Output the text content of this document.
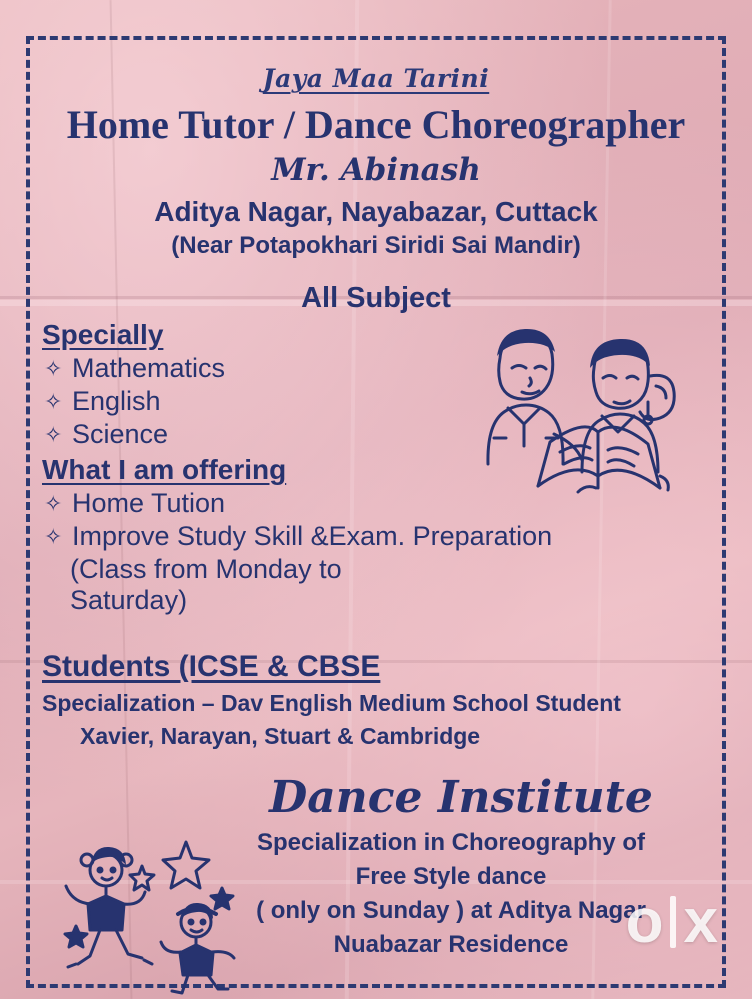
Jaya Maa Tarini
Home Tutor / Dance Choreographer
Mr. Abinash
Aditya Nagar, Nayabazar, Cuttack
(Near Potapokhari Siridi Sai Mandir)
All Subject
Specially
✧ Mathematics
✧ English
✧ Science
What I am offering
✧ Home Tution
✧ Improve Study Skill &Exam. Preparation
(Class from Monday to Saturday)
Students (ICSE & CBSE
Specialization – Dav English Medium School Student
Xavier, Narayan, Stuart & Cambridge
Dance Institute
Specialization in Choreography of
Free Style dance
( only on Sunday ) at Aditya Nagar
Nuabazar Residence o x
